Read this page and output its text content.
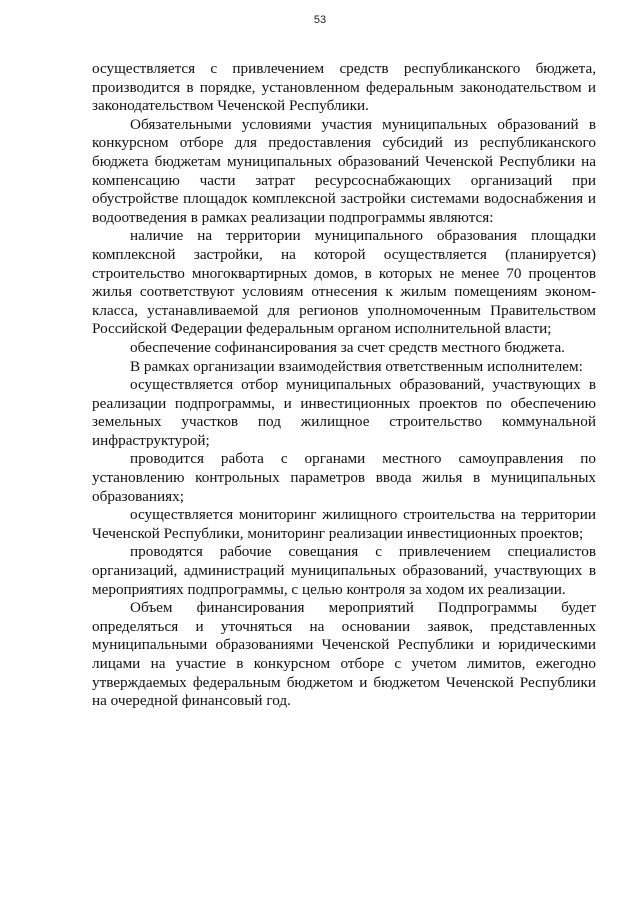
53

осуществляется с привлечением средств республиканского бюджета, производится в порядке, установленном федеральным законодательством и законодательством Чеченской Республики.

Обязательными условиями участия муниципальных образований в конкурсном отборе для предоставления субсидий из республиканского бюджета бюджетам муниципальных образований Чеченской Республики на компенсацию части затрат ресурсоснабжающих организаций при обустройстве площадок комплексной застройки системами водоснабжения и водоотведения в рамках реализации подпрограммы являются:

наличие на территории муниципального образования площадки комплексной застройки, на которой осуществляется (планируется) строительство многоквартирных домов, в которых не менее 70 процентов жилья соответствуют условиям отнесения к жилым помещениям эконом-класса, устанавливаемой для регионов уполномоченным Правительством Российской Федерации федеральным органом исполнительной власти;

обеспечение софинансирования за счет средств местного бюджета.

В рамках организации взаимодействия ответственным исполнителем:

осуществляется отбор муниципальных образований, участвующих в реализации подпрограммы, и инвестиционных проектов по обеспечению земельных участков под жилищное строительство коммунальной инфраструктурой;

проводится работа с органами местного самоуправления по установлению контрольных параметров ввода жилья в муниципальных образованиях;

осуществляется мониторинг жилищного строительства на территории Чеченской Республики, мониторинг реализации инвестиционных проектов;

проводятся рабочие совещания с привлечением специалистов организаций, администраций муниципальных образований, участвующих в мероприятиях подпрограммы, с целью контроля за ходом их реализации.

Объем финансирования мероприятий Подпрограммы будет определяться и уточняться на основании заявок, представленных муниципальными образованиями Чеченской Республики и юридическими лицами на участие в конкурсном отборе с учетом лимитов, ежегодно утверждаемых федеральным бюджетом и бюджетом Чеченской Республики на очередной финансовый год.
